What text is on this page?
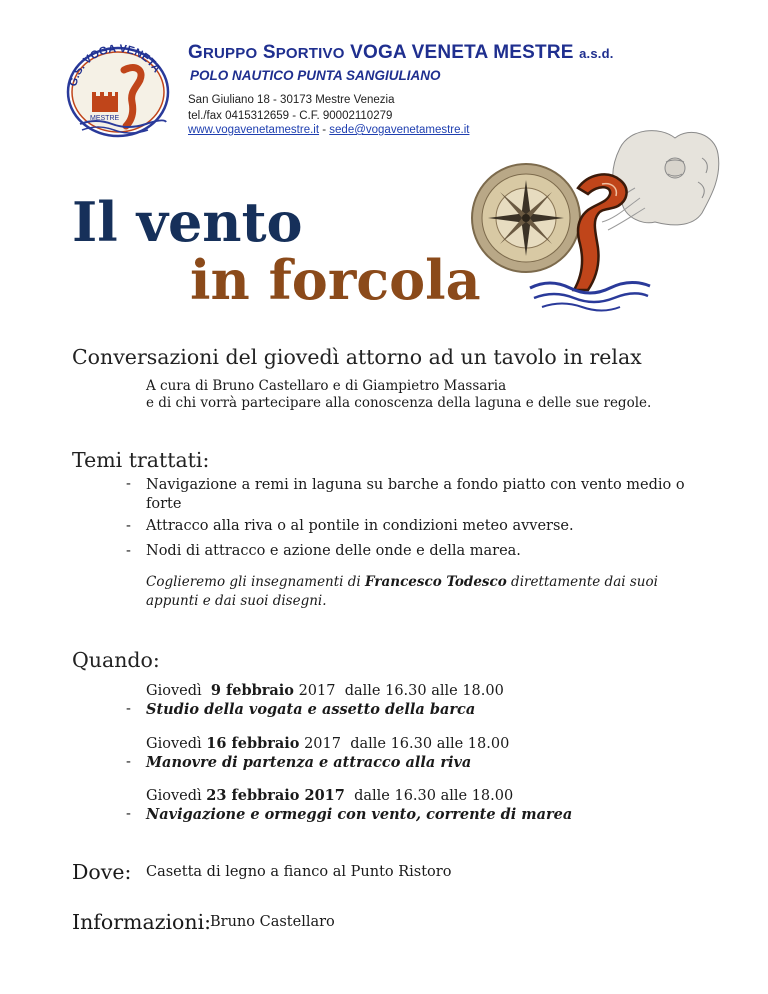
G.S. VOGA VENETA
MESTRE
GRUPPO SPORTIVO VOGA VENETA MESTRE a.s.d.
POLO NAUTICO PUNTA SANGIULIANO
San Giuliano 18 - 30173 Mestre Venezia
tel./fax 0415312659 - C.F. 90002110279
www.vogavenetamestre.it - sede@vogavenetamestre.it
Il vento
in forcola
Conversazioni del giovedì attorno ad un tavolo in relax
A cura di Bruno Castellaro e di Giampietro Massaria
e di chi vorrà partecipare alla conoscenza della laguna e delle sue regole.
Temi trattati:
- Navigazione a remi in laguna su barche a fondo piatto con vento medio o forte
- Attracco alla riva o al pontile in condizioni meteo avverse.
- Nodi di attracco e azione delle onde e della marea.
Coglieremo gli insegnamenti di Francesco Todesco direttamente dai suoi appunti e dai suoi disegni.
Quando:
Giovedì 9 febbraio 2017 dalle 16.30 alle 18.00
- Studio della vogata e assetto della barca
Giovedì 16 febbraio 2017 dalle 16.30 alle 18.00
- Manovre di partenza e attracco alla riva
Giovedì 23 febbraio 2017 dalle 16.30 alle 18.00
- Navigazione e ormeggi con vento, corrente di marea
Dove: Casetta di legno a fianco al Punto Ristoro
Informazioni:
Bruno Castellaro
